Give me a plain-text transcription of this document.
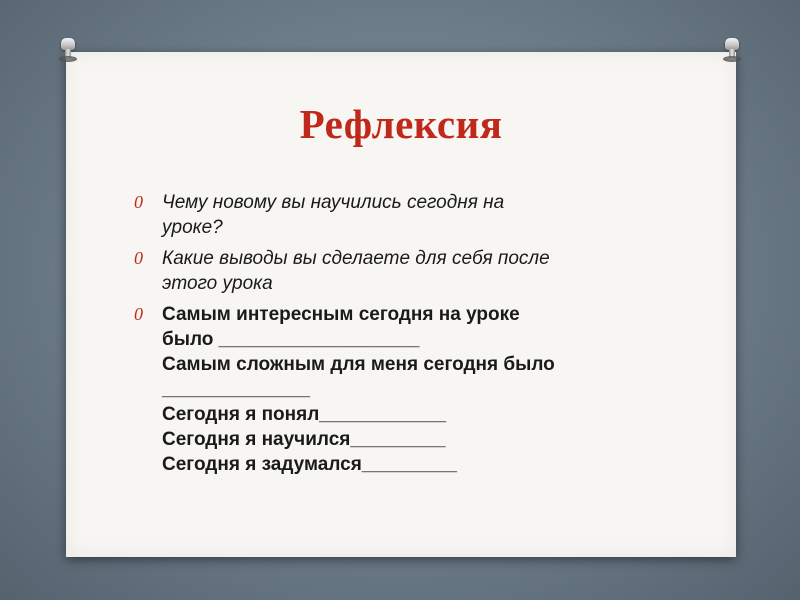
Рефлексия
0 Чему новому вы научились сегодня на
уроке?
0 Какие выводы вы сделаете для себя после
этого урока
0 Самым интересным сегодня на уроке
было ___________________
Самым сложным для меня сегодня было
______________
Сегодня я понял____________
Сегодня я научился_________
Сегодня я задумался_________
